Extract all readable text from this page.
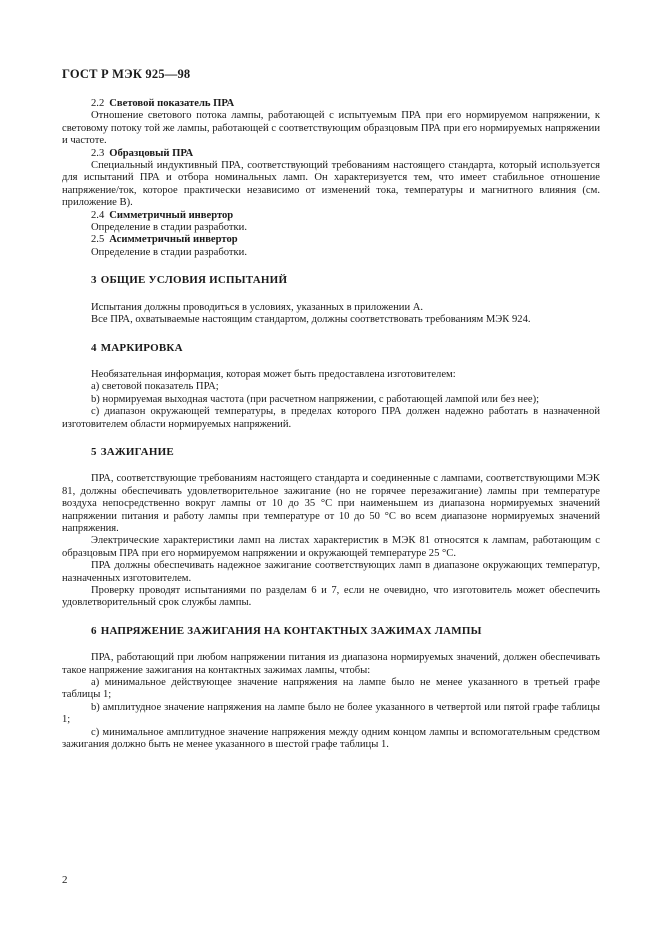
ГОСТ Р МЭК 925—98

2.2 Световой показатель ПРА

Отношение светового потока лампы, работающей с испытуемым ПРА при его нормируемом напряжении, к световому потоку той же лампы, работающей с соответствующим образцовым ПРА при его нормируемых напряжении и частоте.

2.3 Образцовый ПРА

Специальный индуктивный ПРА, соответствующий требованиям настоящего стандарта, который используется для испытаний ПРА и отбора номинальных ламп. Он характеризуется тем, что имеет стабильное отношение напряжение/ток, которое практически независимо от изменений тока, температуры и магнитного влияния (см. приложение В).

2.4 Симметричный инвертор

Определение в стадии разработки.

2.5 Асимметричный инвертор

Определение в стадии разработки.

3 ОБЩИЕ УСЛОВИЯ ИСПЫТАНИЙ

Испытания должны проводиться в условиях, указанных в приложении А.

Все ПРА, охватываемые настоящим стандартом, должны соответствовать требованиям МЭК 924.

4 МАРКИРОВКА

Необязательная информация, которая может быть предоставлена изготовителем:

а) световой показатель ПРА;

b) нормируемая выходная частота (при расчетном напряжении, с работающей лампой или без нее);

с) диапазон окружающей температуры, в пределах которого ПРА должен надежно работать в назначенной изготовителем области нормируемых напряжений.

5 ЗАЖИГАНИЕ

ПРА, соответствующие требованиям настоящего стандарта и соединенные с лампами, соответствующими МЭК 81, должны обеспечивать удовлетворительное зажигание (но не горячее перезажигание) лампы при температуре воздуха непосредственно вокруг лампы от 10 до 35 °С при наименьшем из диапазона нормируемых значений напряжении питания и работу лампы при температуре от 10 до 50 °С во всем диапазоне нормируемых значений напряжения.

Электрические характеристики ламп на листах характеристик в МЭК 81 относятся к лампам, работающим с образцовым ПРА при его нормируемом напряжении и окружающей температуре 25 °С.

ПРА должны обеспечивать надежное зажигание соответствующих ламп в диапазоне окружающих температур, назначенных изготовителем.

Проверку проводят испытаниями по разделам 6 и 7, если не очевидно, что изготовитель может обеспечить удовлетворительный срок службы лампы.

6 НАПРЯЖЕНИЕ ЗАЖИГАНИЯ НА КОНТАКТНЫХ ЗАЖИМАХ ЛАМПЫ

ПРА, работающий при любом напряжении питания из диапазона нормируемых значений, должен обеспечивать такое напряжение зажигания на контактных зажимах лампы, чтобы:

а) минимальное действующее значение напряжения на лампе было не менее указанного в третьей графе таблицы 1;

b) амплитудное значение напряжения на лампе было не более указанного в четвертой или пятой графе таблицы 1;

с) минимальное амплитудное значение напряжения между одним концом лампы и вспомогательным средством зажигания должно быть не менее указанного в шестой графе таблицы 1.

2
